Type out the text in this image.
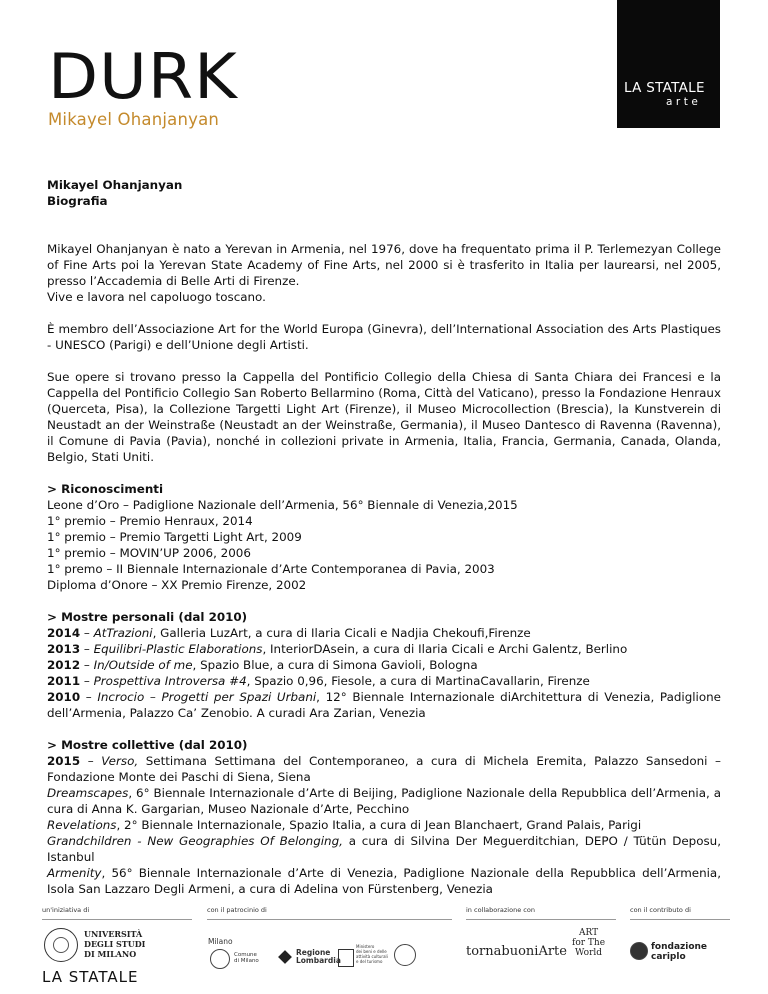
DURK
Mikayel Ohanjanyan
LA STATALE
arte
Mikayel Ohanjanyan
Biografia

Mikayel Ohanjanyan è nato a Yerevan in Armenia, nel 1976, dove ha frequentato prima il P. Terlemezyan College of Fine Arts poi la Yerevan State Academy of Fine Arts, nel 2000 si è trasferito in Italia per laurearsi, nel 2005, presso l’Accademia di Belle Arti di Firenze.

Vive e lavora nel capoluogo toscano.

È membro dell’Associazione Art for the World Europa (Ginevra), dell’International Association des Arts Plastiques - UNESCO (Parigi) e dell’Unione degli Artisti.

Sue opere si trovano presso la Cappella del Pontificio Collegio della Chiesa di Santa Chiara dei Francesi e la Cappella del Pontificio Collegio San Roberto Bellarmino (Roma, Città del Vaticano), presso la Fondazione Henraux (Querceta, Pisa), la Collezione Targetti Light Art (Firenze), il Museo Microcollection (Brescia), la Kunstverein di Neustadt an der Weinstraße (Neustadt an der Weinstraße, Germania), il Museo Dantesco di Ravenna (Ravenna), il Comune di Pavia (Pavia), nonché in collezioni private in Armenia, Italia, Francia, Germania, Canada, Olanda, Belgio, Stati Uniti.

> Riconoscimenti
Leone d’Oro – Padiglione Nazionale dell’Armenia, 56° Biennale di Venezia,2015
1° premio – Premio Henraux, 2014
1° premio – Premio Targetti Light Art, 2009
1° premio – MOVIN’UP 2006, 2006
1° premo – II Biennale Internazionale d’Arte Contemporanea di Pavia, 2003
Diploma d’Onore – XX Premio Firenze, 2002
> Mostre personali (dal 2010)

2014 – AtTrazioni, Galleria LuzArt, a cura di Ilaria Cicali e Nadjia Chekoufi,Firenze

2013 – Equilibri-Plastic Elaborations, InteriorDAsein, a cura di Ilaria Cicali e Archi Galentz, Berlino

2012 – In/Outside of me, Spazio Blue, a cura di Simona Gavioli, Bologna

2011 – Prospettiva Introversa #4, Spazio 0,96, Fiesole, a cura di MartinaCavallarin, Firenze

2010 – Incrocio – Progetti per Spazi Urbani, 12° Biennale Internazionale diArchitettura di Venezia, Padiglione dell’Armenia, Palazzo Ca’ Zenobio. A curadi Ara Zarian, Venezia

> Mostre collettive (dal 2010)

2015 – Verso, Settimana Settimana del Contemporaneo, a cura di Michela Eremita, Palazzo Sansedoni – Fondazione Monte dei Paschi di Siena, Siena

Dreamscapes, 6° Biennale Internazionale d’Arte di Beijing, Padiglione Nazionale della Repubblica dell’Armenia, a cura di Anna K. Gargarian, Museo Nazionale d’Arte, Pecchino

Revelations, 2° Biennale Internazionale, Spazio Italia, a cura di Jean Blanchaert, Grand Palais, Parigi

Grandchildren - New Geographies Of Belonging, a cura di Silvina Der Meguerditchian, DEPO / Tütün Deposu, Istanbul

Armenity, 56° Biennale Internazionale d’Arte di Venezia, Padiglione Nazionale della Repubblica dell’Armenia, Isola San Lazzaro Degli Armeni, a cura di Adelina von Fürstenberg, Venezia

un'iniziativa di
UNIVERSITÀ
DEGLI STUDI
DI MILANO
LA STATALE
con il patrocinio di
Milano
Comune
di Milano
Regione
Lombardia
Ministero
dei beni e delle
attività culturali
e del turismo
in collaborazione con
tornabuoniArte
ART
for The
World
con il contributo di
fondazione
cariplo
